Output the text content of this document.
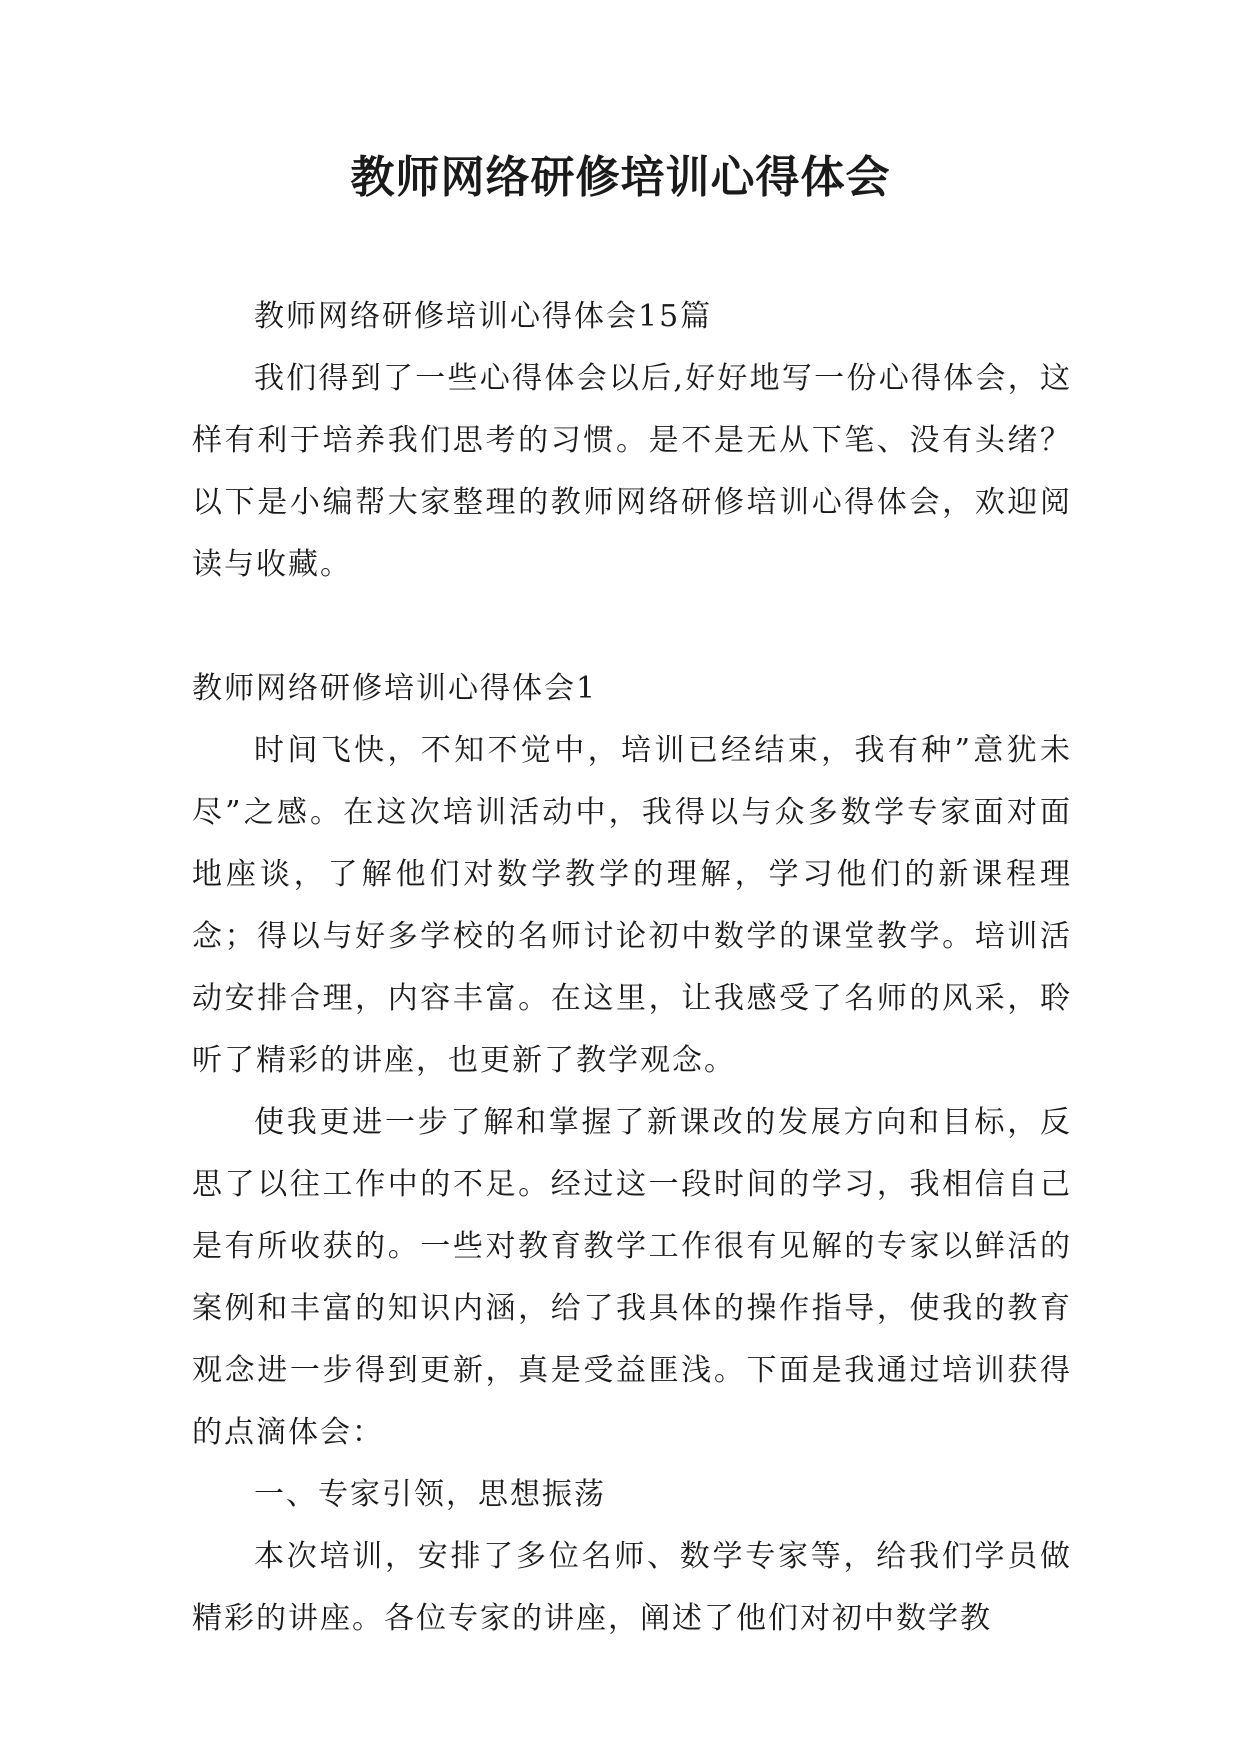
教师网络研修培训心得体会

教师网络研修培训心得体会15篇

我们得到了一些心得体会以后,好好地写一份心得体会，这样有利于培养我们思考的习惯。是不是无从下笔、没有头绪？以下是小编帮大家整理的教师网络研修培训心得体会，欢迎阅读与收藏。

教师网络研修培训心得体会1

时间飞快，不知不觉中，培训已经结束，我有种”意犹未尽”之感。在这次培训活动中，我得以与众多数学专家面对面地座谈，了解他们对数学教学的理解，学习他们的新课程理念；得以与好多学校的名师讨论初中数学的课堂教学。培训活动安排合理，内容丰富。在这里，让我感受了名师的风采，聆听了精彩的讲座，也更新了教学观念。

使我更进一步了解和掌握了新课改的发展方向和目标，反思了以往工作中的不足。经过这一段时间的学习，我相信自己是有所收获的。一些对教育教学工作很有见解的专家以鲜活的案例和丰富的知识内涵，给了我具体的操作指导，使我的教育观念进一步得到更新，真是受益匪浅。下面是我通过培训获得的点滴体会：

一、专家引领，思想振荡

本次培训，安排了多位名师、数学专家等，给我们学员做精彩的讲座。各位专家的讲座，阐述了他们对初中数学教
